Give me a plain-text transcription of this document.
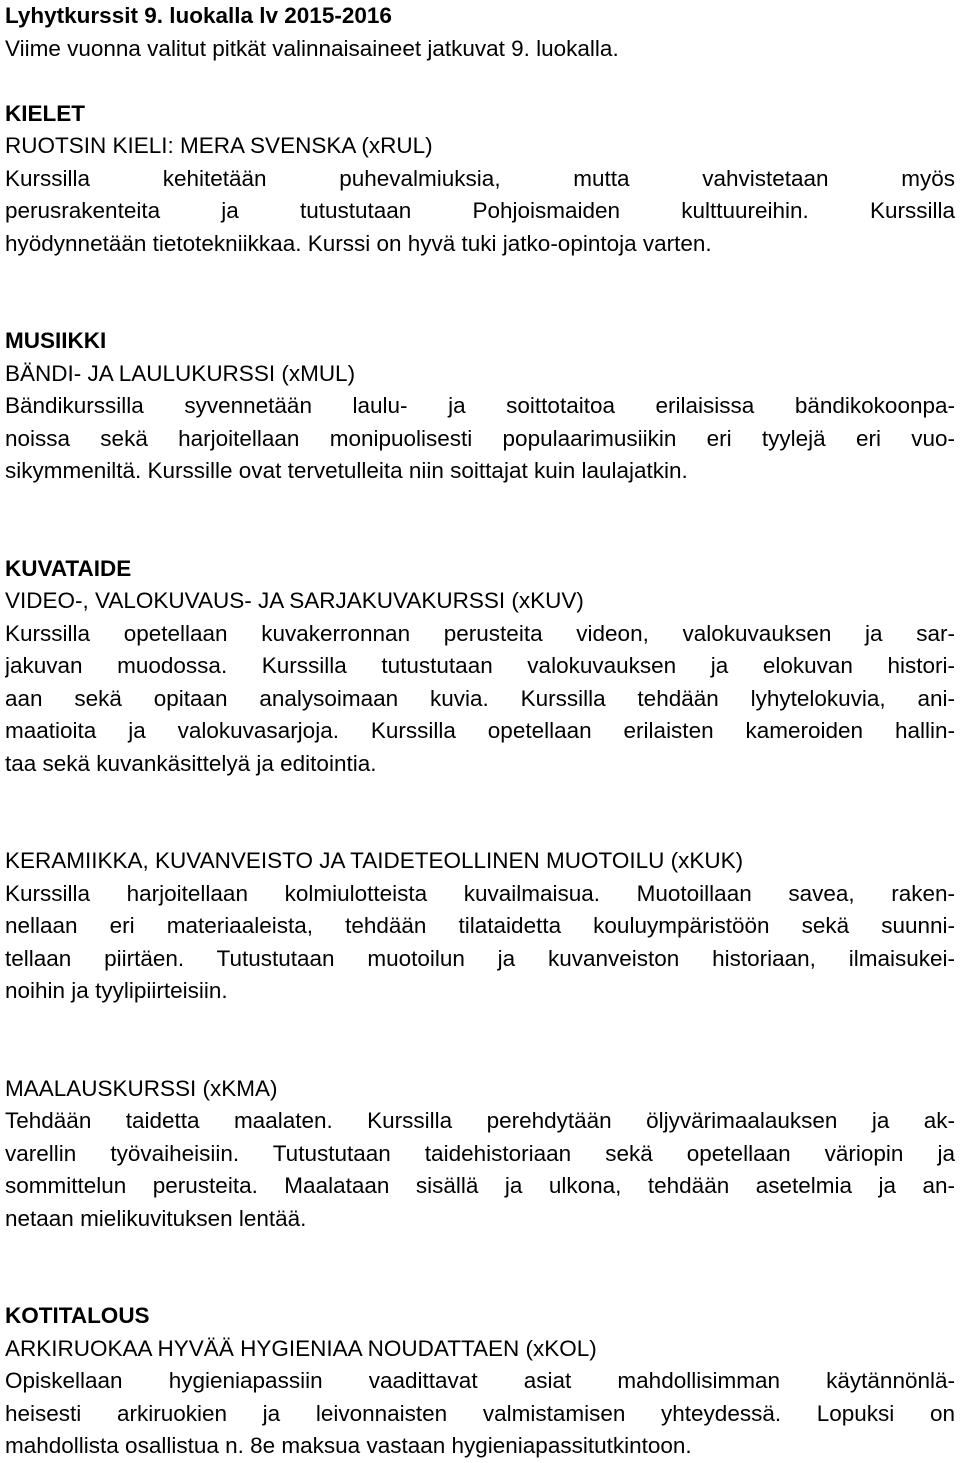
Lyhytkurssit 9. luokalla lv 2015-2016
Viime vuonna valitut pitkät valinnaisaineet jatkuvat 9. luokalla.
KIELET
RUOTSIN KIELI: MERA SVENSKA (xRUL)
Kurssilla kehitetään puhevalmiuksia, mutta vahvistetaan myös
perusrakenteita ja tutustutaan Pohjoismaiden kulttuureihin. Kurssilla
hyödynnetään tietotekniikkaa. Kurssi on hyvä tuki jatko-opintoja varten.
MUSIIKKI
BÄNDI- JA LAULUKURSSI (xMUL)
Bändikurssilla syvennetään laulu- ja soittotaitoa erilaisissa bändikokoonpa-
noissa sekä harjoitellaan monipuolisesti populaarimusiikin eri tyylejä eri vuo-
sikymmeniltä. Kurssille ovat tervetulleita niin soittajat kuin laulajatkin.
KUVATAIDE
VIDEO-, VALOKUVAUS- JA SARJAKUVAKURSSI (xKUV)
Kurssilla opetellaan kuvakerronnan perusteita videon, valokuvauksen ja sar-
jakuvan muodossa. Kurssilla tutustutaan valokuvauksen ja elokuvan histori-
aan sekä opitaan analysoimaan kuvia. Kurssilla tehdään lyhytelokuvia, ani-
maatioita ja valokuvasarjoja. Kurssilla opetellaan erilaisten kameroiden hallin-
taa sekä kuvankäsittelyä ja editointia.
KERAMIIKKA, KUVANVEISTO JA TAIDETEOLLINEN MUOTOILU (xKUK)
Kurssilla harjoitellaan kolmiulotteista kuvailmaisua. Muotoillaan savea, raken-
nellaan eri materiaaleista, tehdään tilataidetta kouluympäristöön sekä suunni-
tellaan piirtäen. Tutustutaan muotoilun ja kuvanveiston historiaan, ilmaisukei-
noihin ja tyylipiirteisiin.
MAALAUSKURSSI (xKMA)
Tehdään taidetta maalaten. Kurssilla perehdytään öljyvärimaalauksen ja ak-
varellin työvaiheisiin. Tutustutaan taidehistoriaan sekä opetellaan väriopin ja
sommittelun perusteita. Maalataan sisällä ja ulkona, tehdään asetelmia ja an-
netaan mielikuvituksen lentää.
KOTITALOUS
ARKIRUOKAA HYVÄÄ HYGIENIAA NOUDATTAEN (xKOL)
Opiskellaan hygieniapassiin vaadittavat asiat mahdollisimman käytännönlä-
heisesti arkiruokien ja leivonnaisten valmistamisen yhteydessä. Lopuksi on
mahdollista osallistua n. 8e maksua vastaan hygieniapassitutkintoon.
